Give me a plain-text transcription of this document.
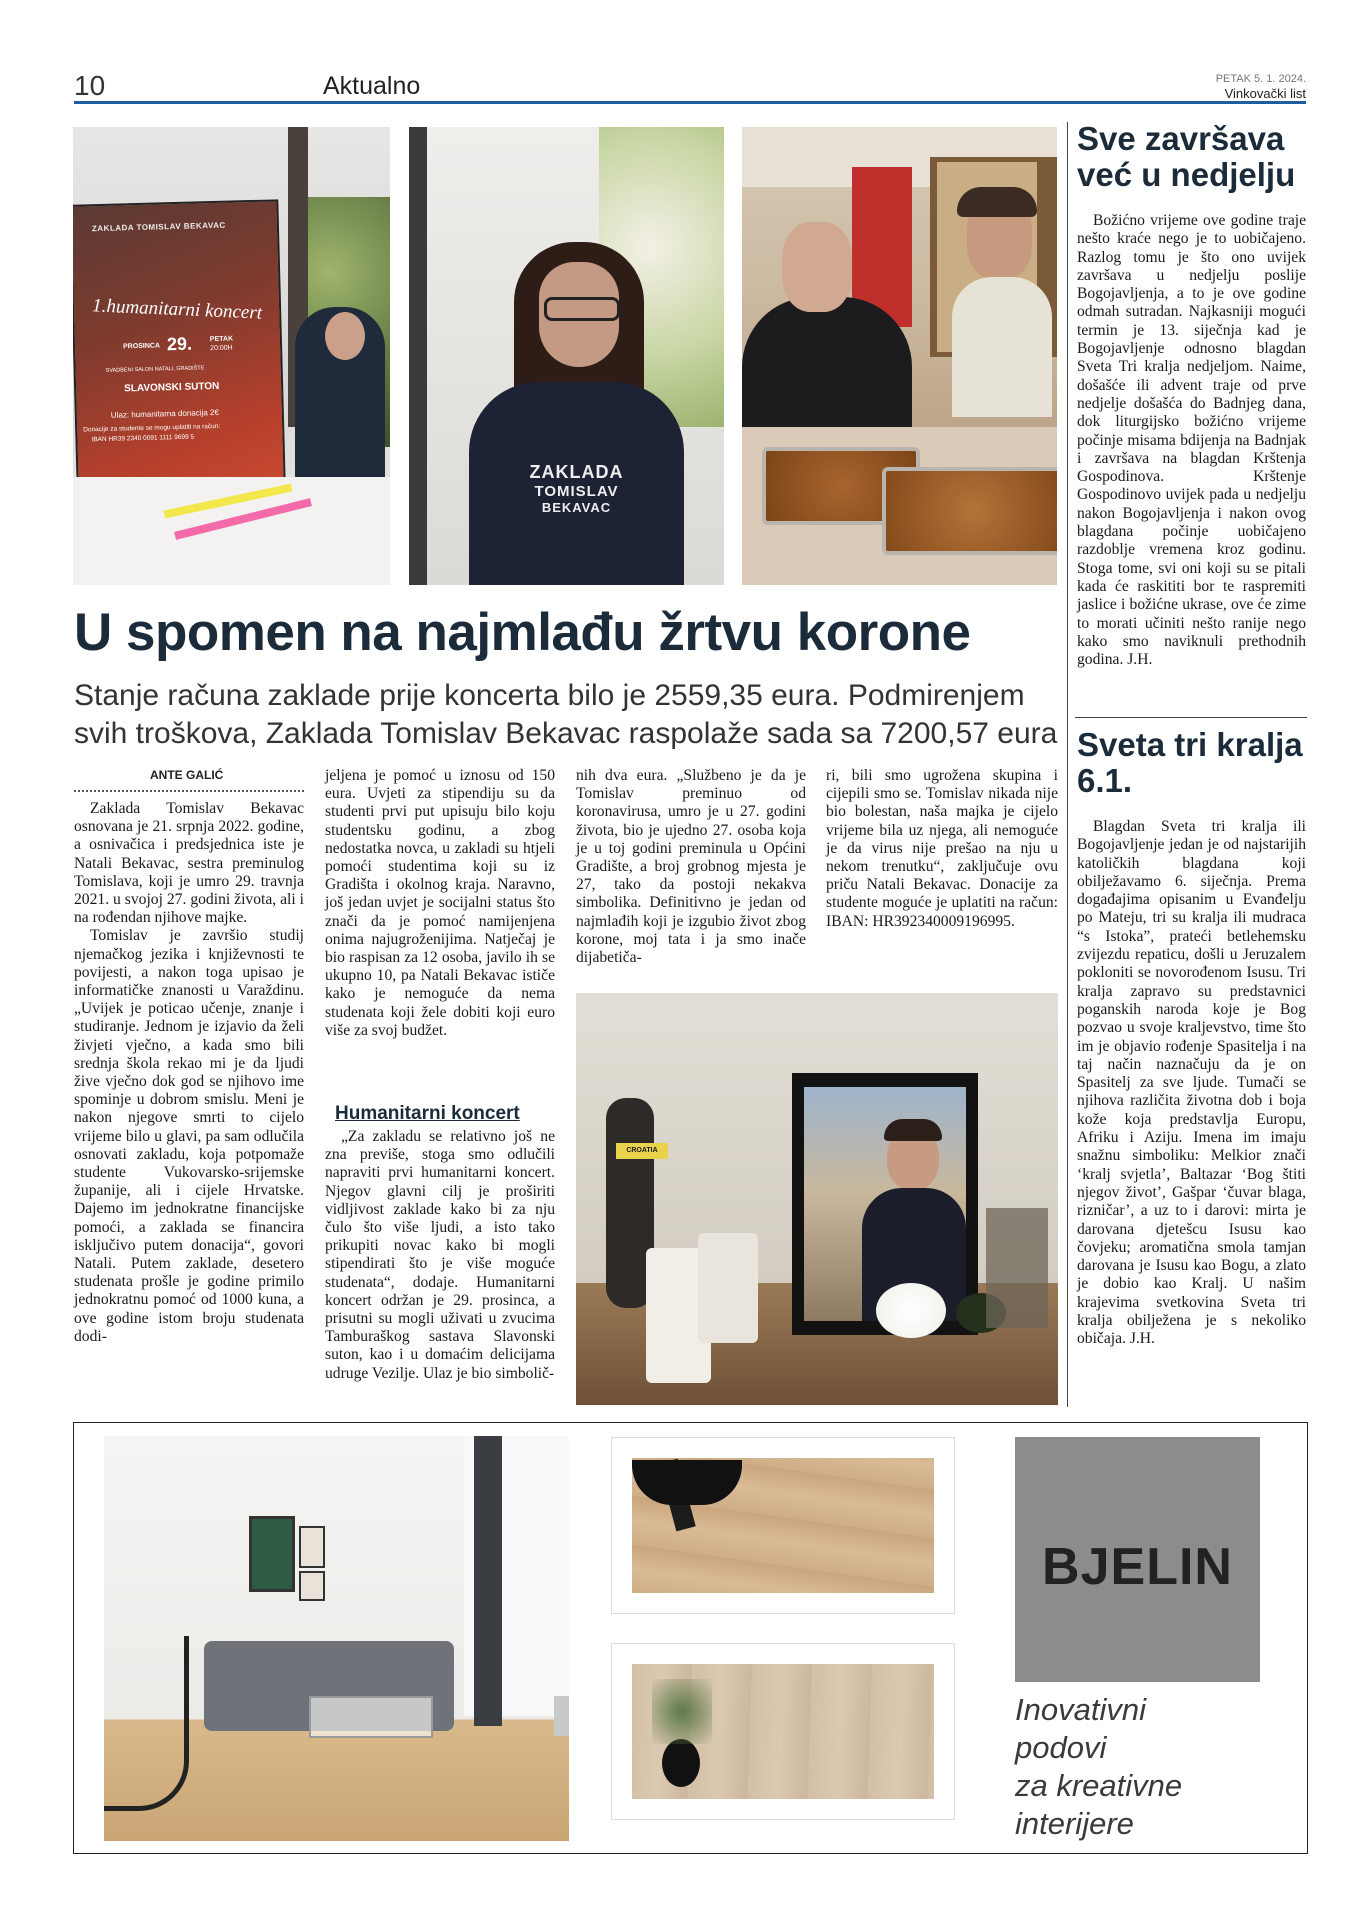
10	Aktualno	PETAK 5. 1. 2024.
Vinkovački list
ZAKLADA TOMISLAV BEKAVAC
1.humanitarni koncert
PROSINCA 29.	PETAK
20:00H
SVADBENI SALON NATALI, GRADIŠTE
SLAVONSKI SUTON
Ulaz: humanitarna donacija 2€
Donacije za studente se mogu uplatiti na račun:
IBAN HR39 2340 0091 1111 9699 5
ZAKLADA
TOMISLAV
BEKAVAC
Sve završava već u nedjelju

Božićno vrijeme ove godine traje nešto kraće nego je to uobičajeno. Razlog tomu je što ono uvijek završava u nedjelju poslije Bogojavljenja, a to je ove godine odmah sutradan. Najkasniji mogući termin je 13. siječnja kad je Bogojavljenje odnosno blagdan Sveta Tri kralja nedjeljom. Naime, došašće ili advent traje od prve nedjelje došašća do Badnjeg dana, dok liturgijsko božićno vrijeme počinje misama bdijenja na Badnjak i završava na blagdan Krštenja Gospodinova. Krštenje Gospodinovo uvijek pada u nedjelju nakon Bogojavljenja i nakon ovog blagdana počinje uobičajeno razdoblje vremena kroz godinu. Stoga tome, svi oni koji su se pitali kada će raskititi bor te raspremiti jaslice i božićne ukrase, ove će zime to morati učiniti nešto ranije nego kako smo naviknuli prethodnih godina. J.H.

Sveta tri kralja 6.1.

Blagdan Sveta tri kralja ili Bogojavljenje jedan je od najstarijih katoličkih blagdana koji obilježavamo 6. siječnja. Prema događajima opisanim u Evanđelju po Mateju, tri su kralja ili mudraca “s Istoka”, prateći betlehemsku zvijezdu repaticu, došli u Jeruzalem pokloniti se novorođenom Isusu. Tri kralja zapravo su predstavnici poganskih naroda koje je Bog pozvao u svoje kraljevstvo, time što im je objavio rođenje Spasitelja i na taj način naznačuju da je on Spasitelj za sve ljude. Tumači se njihova različita životna dob i boja kože koja predstavlja Europu, Afriku i Aziju. Imena im imaju snažnu simboliku: Melkior znači ‘kralj svjetla’, Baltazar ‘Bog štiti njegov život’, Gašpar ‘čuvar blaga, rizničar’, a uz to i darovi: mirta je darovana djetešcu Isusu kao čovjeku; aromatična smola tamjan darovana je Isusu kao Bogu, a zlato je dobio kao Kralj. U našim krajevima svetkovina Sveta tri kralja obilježena je s nekoliko običaja. J.H.

U spomen na najmlađu žrtvu korone
Stanje računa zaklade prije koncerta bilo je 2559,35 eura. Podmirenjem svih troškova, Zaklada Tomislav Bekavac raspolaže sada sa 7200,57 eura
ANTE GALIĆ

Zaklada Tomislav Bekavac osnovana je 21. srpnja 2022. godine, a osnivačica i predsjednica iste je Natali Bekavac, sestra preminulog Tomislava, koji je umro 29. travnja 2021. u svojoj 27. godini života, ali i na rođendan njihove majke.

Tomislav je završio studij njemačkog jezika i književnosti te povijesti, a nakon toga upisao je informatičke znanosti u Varaždinu. „Uvijek je poticao učenje, znanje i studiranje. Jednom je izjavio da želi živjeti vječno, a kada smo bili srednja škola rekao mi je da ljudi žive vječno dok god se njihovo ime spominje u dobrom smislu. Meni je nakon njegove smrti to cijelo vrijeme bilo u glavi, pa sam odlučila osnovati zakladu, koja potpomaže studente Vukovarsko-srijemske županije, ali i cijele Hrvatske. Dajemo im jednokratne financijske pomoći, a zaklada se financira isključivo putem donacija“, govori Natali. Putem zaklade, desetero studenata prošle je godine primilo jednokratnu pomoć od 1000 kuna, a ove godine istom broju studenata dodi-

jeljena je pomoć u iznosu od 150 eura. Uvjeti za stipendiju su da studenti prvi put upisuju bilo koju studentsku godinu, a zbog nedostatka novca, u zakladi su htjeli pomoći studentima koji su iz Gradišta i okolnog kraja. Naravno, još jedan uvjet je socijalni status što znači da je pomoć namijenjena onima najugroženijima. Natječaj je bio raspisan za 12 osoba, javilo ih se ukupno 10, pa Natali Bekavac ističe kako je nemoguće da nema studenata koji žele dobiti koji euro više za svoj budžet.

Humanitarni koncert

„Za zakladu se relativno još ne zna previše, stoga smo odlučili napraviti prvi humanitarni koncert. Njegov glavni cilj je proširiti vidljivost zaklade kako bi za nju čulo što više ljudi, a isto tako prikupiti novac kako bi mogli stipendirati što je više moguće studenata“, dodaje. Humanitarni koncert održan je 29. prosinca, a prisutni su mogli uživati u zvucima Tamburaškog sastava Slavonski suton, kao i u domaćim delicijama udruge Vezilje. Ulaz je bio simbolič-

nih dva eura. „Službeno je da je Tomislav preminuo od koronavirusa, umro je u 27. godini života, bio je ujedno 27. osoba koja je u toj godini preminula u Općini Gradište, a broj grobnog mjesta je 27, tako da postoji nekakva simbolika. Definitivno je jedan od najmlađih koji je izgubio život zbog korone, moj tata i ja smo inače dijabetiča-

ri, bili smo ugrožena skupina i cijepili smo se. Tomislav nikada nije bio bolestan, naša majka je cijelo vrijeme bila uz njega, ali nemoguće je da virus nije prešao na nju u nekom trenutku“, zaključuje ovu priču Natali Bekavac. Donacije za studente moguće je uplatiti na račun: IBAN: HR392340009196995.

CROATIA
BJELIN
Inovativni
podovi
za kreativne
interijere
